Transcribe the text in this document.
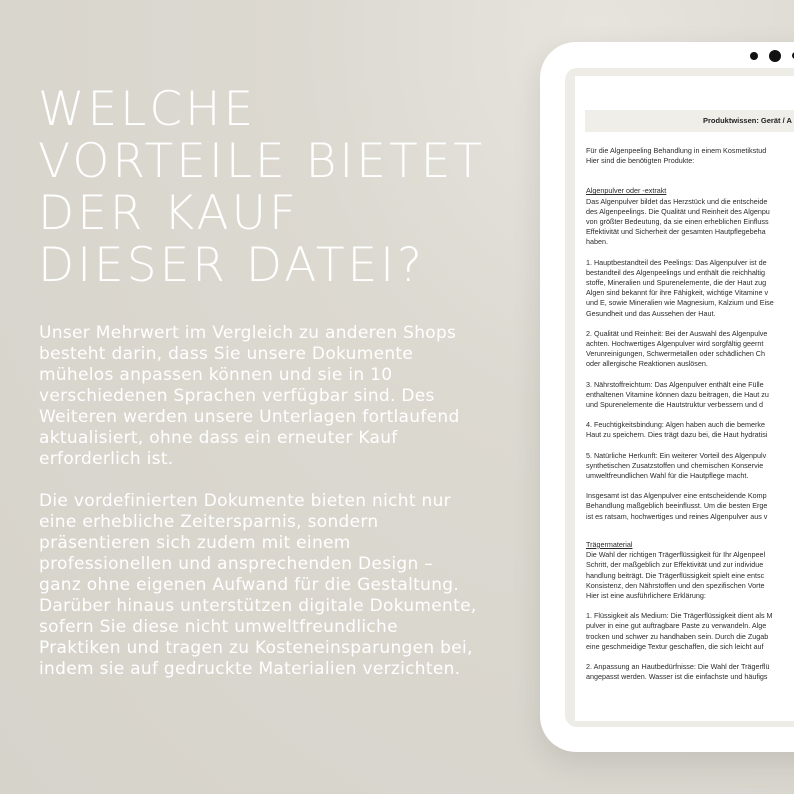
WELCHE
VORTEILE BIETET
DER KAUF
DIESER DATEI?

Unser Mehrwert im Vergleich zu anderen Shops
besteht darin, dass Sie unsere Dokumente
mühelos anpassen können und sie in 10
verschiedenen Sprachen verfügbar sind. Des
Weiteren werden unsere Unterlagen fortlaufend
aktualisiert, ohne dass ein erneuter Kauf
erforderlich ist.

Die vordefinierten Dokumente bieten nicht nur
eine erhebliche Zeitersparnis, sondern
präsentieren sich zudem mit einem
professionellen und ansprechenden Design –
ganz ohne eigenen Aufwand für die Gestaltung.
Darüber hinaus unterstützen digitale Dokumente,
sofern Sie diese nicht umweltfreundliche
Praktiken und tragen zu Kosteneinsparungen bei,
indem sie auf gedruckte Materialien verzichten.

Produktwissen: Gerät / A

Für die Algenpeeling Behandlung in einem Kosmetikstud
Hier sind die benötigten Produkte:

Algenpulver oder -extrakt
Das Algenpulver bildet das Herzstück und die entscheide
des Algenpeelings. Die Qualität und Reinheit des Algenpu
von größter Bedeutung, da sie einen erheblichen Einfluss
Effektivität und Sicherheit der gesamten Hautpflegebeha
haben.

1. Hauptbestandteil des Peelings: Das Algenpulver ist de
bestandteil des Algenpeelings und enthält die reichhaltig
stoffe, Mineralien und Spurenelemente, die der Haut zug
Algen sind bekannt für ihre Fähigkeit, wichtige Vitamine v
und E, sowie Mineralien wie Magnesium, Kalzium und Eise
Gesundheit und das Aussehen der Haut.

2. Qualität und Reinheit: Bei der Auswahl des Algenpulve
achten. Hochwertiges Algenpulver wird sorgfältig geernt
Verunreinigungen, Schwermetallen oder schädlichen Ch
oder allergische Reaktionen auslösen.

3. Nährstoffreichtum: Das Algenpulver enthält eine Fülle
enthaltenen Vitamine können dazu beitragen, die Haut zu
und Spurenelemente die Hautstruktur verbessern und d

4. Feuchtigkeitsbindung: Algen haben auch die bemerke
Haut zu speichern. Dies trägt dazu bei, die Haut hydratisi

5. Natürliche Herkunft: Ein weiterer Vorteil des Algenpulv
synthetischen Zusatzstoffen und chemischen Konservie
umweltfreundlichen Wahl für die Hautpflege macht.

Insgesamt ist das Algenpulver eine entscheidende Komp
Behandlung maßgeblich beeinflusst. Um die besten Erge
ist es ratsam, hochwertiges und reines Algenpulver aus v

Trägermaterial
Die Wahl der richtigen Trägerflüssigkeit für Ihr Algenpeel
Schritt, der maßgeblich zur Effektivität und zur individue
handlung beiträgt. Die Trägerflüssigkeit spielt eine entsc
Konsistenz, den Nährstoffen und den spezifischen Vorte
Hier ist eine ausführlichere Erklärung:

1. Flüssigkeit als Medium: Die Trägerflüssigkeit dient als M
pulver in eine gut auftragbare Paste zu verwandeln. Alge
trocken und schwer zu handhaben sein. Durch die Zugab
eine geschmeidige Textur geschaffen, die sich leicht auf

2. Anpassung an Hautbedürfnisse: Die Wahl der Trägerflü
angepasst werden. Wasser ist die einfachste und häufigs
